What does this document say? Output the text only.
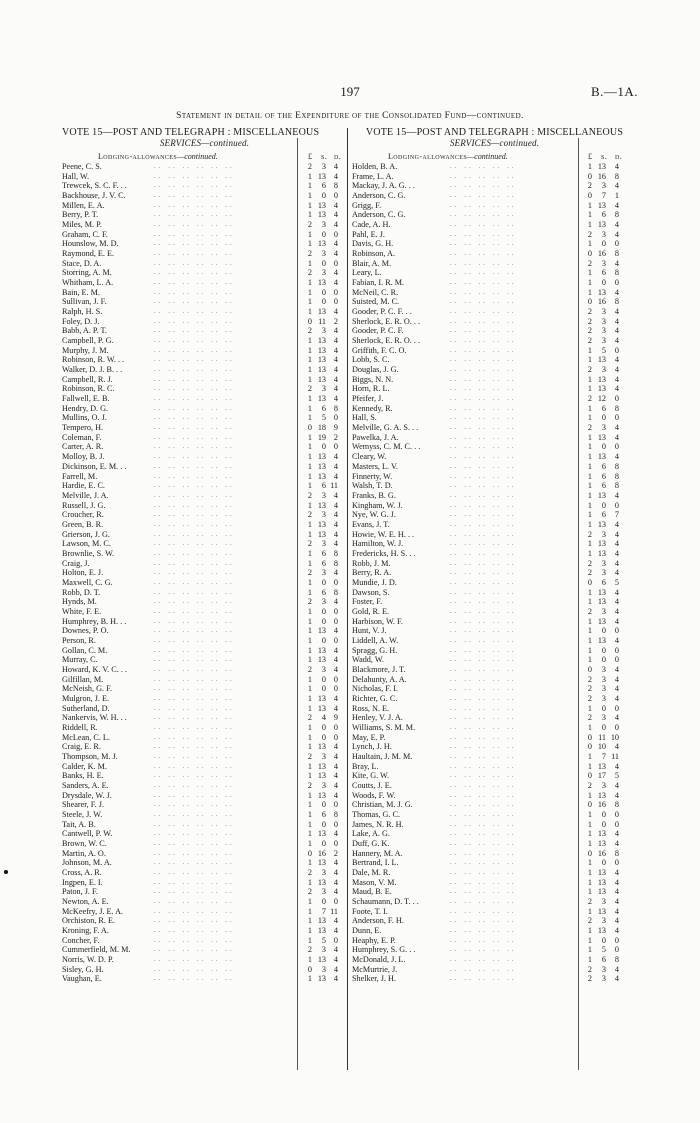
197	B.—1A.
Statement in detail of the Expenditure of the Consolidated Fund—continued.
VOTE 15—POST AND TELEGRAPH : MISCELLANEOUS
SERVICES—continued.
Lodging-allowances—continued.	£ s. d.
Peene, C. S.	.. .. .. .. .. ..	2	3 4
Hall, W.	.. .. .. .. .. ..	1 13 4
Trewcek, S. C. F. . .	.. .. .. .. .. ..	1	6 8
Backhouse, J. V. C.	.. .. .. .. .. ..	1	0 0
Millen, E. A.	.. .. .. .. .. ..	1 13 4
Berry, P. T.	.. .. .. .. .. ..	1 13 4
Miles, M. P.	.. .. .. .. .. ..	2	3 4
Graham, C. F.	.. .. .. .. .. ..	1	0 0
Hounslow, M. D.	.. .. .. .. .. ..	1 13 4
Raymond, E. E.	.. .. .. .. .. ..	2	3 4
Stace, D. A.	.. .. .. .. .. ..	1	0 0
Storring, A. M.	.. .. .. .. .. ..	2	3 4
Whitham, L. A.	.. .. .. .. .. ..	1 13 4
Bain, E. M.	.. .. .. .. .. ..	1	0 0
Sullivan, J. F.	.. .. .. .. .. ..	1	0 0
Ralph, H. S.	.. .. .. .. .. ..	1 13 4
Foley, D. J.	.. .. .. .. .. ..	0 11 2
Babb, A. P. T.	.. .. .. .. .. ..	2	3 4
Campbell, P. G.	.. .. .. .. .. ..	1 13 4
Murphy, J. M.	.. .. .. .. .. ..	1 13 4
Robinson, R. W. . .	.. .. .. .. .. ..	1 13 4
Walker, D. J. B. . .	.. .. .. .. .. ..	1 13 4
Campbell, R. J.	.. .. .. .. .. ..	1 13 4
Robinson, R. C.	.. .. .. .. .. ..	2	3 4
Fallwell, E. B.	.. .. .. .. .. ..	1 13 4
Hendry, D. G.	.. .. .. .. .. ..	1	6 8
Mullins, O. J.	.. .. .. .. .. ..	1	5 0
Tempero, H.	.. .. .. .. .. ..	0 18 9
Coleman, F.	.. .. .. .. .. ..	1 19 2
Carter, A. R.	.. .. .. .. .. ..	1	0 0
Molloy, B. J.	.. .. .. .. .. ..	1 13 4
Dickinson, E. M. . .	.. .. .. .. .. ..	1 13 4
Farrell, M.	.. .. .. .. .. ..	1 13 4
Hardie, E. C.	.. .. .. .. .. ..	1	6 11
Melville, J. A.	.. .. .. .. .. ..	2	3 4
Russell, J. G.	.. .. .. .. .. ..	1 13 4
Croucher, R.	.. .. .. .. .. ..	2	3 4
Green, B. R.	.. .. .. .. .. ..	1 13 4
Grierson, J. G.	.. .. .. .. .. ..	1 13 4
Lawson, M. C.	.. .. .. .. .. ..	2	3 4
Brownlie, S. W.	.. .. .. .. .. ..	1	6 8
Craig, J.	.. .. .. .. .. ..	1	6 8
Holton, E. J.	.. .. .. .. .. ..	2	3 4
Maxwell, C. G.	.. .. .. .. .. ..	1	0 0
Robb, D. T.	.. .. .. .. .. ..	1	6 8
Hynds, M.	.. .. .. .. .. ..	2	3 4
White, F. E.	.. .. .. .. .. ..	1	0 0
Humphrey, B. H. . .	.. .. .. .. .. ..	1	0 0
Downes, P. O.	.. .. .. .. .. ..	1 13 4
Person, R.	.. .. .. .. .. ..	1	0 0
Gollan, C. M.	.. .. .. .. .. ..	1 13 4
Murray, C.	.. .. .. .. .. ..	1 13 4
Howard, K. V. C. . .	.. .. .. .. .. ..	2	3 4
Gilfillan, M.	.. .. .. .. .. ..	1	0 0
McNeish, G. F.	.. .. .. .. .. ..	1	0 0
Mulgron, J. E.	.. .. .. .. .. ..	1 13 4
Sutherland, D.	.. .. .. .. .. ..	1 13 4
Nankervis, W. H. . .	.. .. .. .. .. ..	2	4 9
Riddell, R.	.. .. .. .. .. ..	1	0 0
McLean, C. L.	.. .. .. .. .. ..	1	0 0
Craig, E. R.	.. .. .. .. .. ..	1 13 4
Thompson, M. J.	.. .. .. .. .. ..	2	3 4
Calder, K. M.	.. .. .. .. .. ..	1 13 4
Banks, H. E.	.. .. .. .. .. ..	1 13 4
Sanders, A. E.	.. .. .. .. .. ..	2	3 4
Drysdale, W. J.	.. .. .. .. .. ..	1 13 4
Shearer, F. J.	.. .. .. .. .. ..	1	0 0
Steele, J. W.	.. .. .. .. .. ..	1	6 8
Tait, A. B.	.. .. .. .. .. ..	1	0 0
Cantwell, P. W.	.. .. .. .. .. ..	1 13 4
Brown, W. C.	.. .. .. .. .. ..	1	0 0
Martin, A. O.	.. .. .. .. .. ..	0 16 2
Johnson, M. A.	.. .. .. .. .. ..	1 13 4
Cross, A. R.	.. .. .. .. .. ..	2	3 4
Ingpen, E. I.	.. .. .. .. .. ..	1 13 4
Paton, J. F.	.. .. .. .. .. ..	2	3 4
Newton, A. E.	.. .. .. .. .. ..	1	0 0
McKeefry, J. E. A.	.. .. .. .. .. ..	1	7 11
Orchiston, R. E.	.. .. .. .. .. ..	1 13 4
Kroning, F. A.	.. .. .. .. .. ..	1 13 4
Concher, F.	.. .. .. .. .. ..	1	5 0
Cummerfield, M. M.	.. .. .. .. .. ..	2	3 4
Norris, W. D. P.	.. .. .. .. .. ..	1 13 4
Sisley, G. H.	.. .. .. .. .. ..	0	3 4
Vaughan, E.	.. .. .. .. .. ..	1 13 4
VOTE 15—POST AND TELEGRAPH : MISCELLANEOUS

SERVICES—continued.
Lodging-allowances—continued.	£ s. d.
Holden, B. A.	.. .. .. .. ..	1 13	4
Frame, L. A.	.. .. .. .. ..	0 16	8
Mackay, J. A. G. . .	.. .. .. .. ..	2	3	4
Anderson, C. G.	.. .. .. .. ..	0	7	1
Grigg, F.	.. .. .. .. ..	1 13	4
Anderson, C. G.	.. .. .. .. ..	1	6	8
Cade, A. H.	.. .. .. .. ..	1 13	4
Pahl, E. J.	.. .. .. .. ..	2	3	4
Davis, G. H.	.. .. .. .. ..	1	0	0
Robinson, A.	.. .. .. .. ..	0 16	8
Blair, A. M.	.. .. .. .. ..	2	3	4
Leary, L.	.. .. .. .. ..	1	6	8
Fabian, I. R. M.	.. .. .. .. ..	1	0	0
McNeil, C. R.	.. .. .. .. ..	1 13	4
Suisted, M. C.	.. .. .. .. ..	0 16	8
Gooder, P. C. F. . .	.. .. .. .. ..	2	3	4
Sherlock, E. R. O. . .	.. .. .. .. ..	2	3	4
Gooder, P. C. F.	.. .. .. .. ..	2	3	4
Sherlock, E. R. O. . .	.. .. .. .. ..	2	3	4
Griffith, F. C. O.	.. .. .. .. ..	1	5	0
Lobb, S. C.	.. .. .. .. ..	1 13	4
Douglas, J. G.	.. .. .. .. ..	2	3	4
Biggs, N. N.	.. .. .. .. ..	1 13	4
Horn, R. L.	.. .. .. .. ..	1 13	4
Pfeifer, J.	.. .. .. .. ..	2 12	0
Kennedy, R.	.. .. .. .. ..	1	6	8
Hall, S.	.. .. .. .. ..	1	0	0
Melville, G. A. S. . .	.. .. .. .. ..	2	3	4
Pawelka, J. A.	.. .. .. .. ..	1 13	4
Wemyss, C. M. C. . .	.. .. .. .. ..	1	0	0
Cleary, W.	.. .. .. .. ..	1 13	4
Masters, L. V.	.. .. .. .. ..	1	6	8
Finnerty, W.	.. .. .. .. ..	1	6	8
Walsh, T. D.	.. .. .. .. ..	1	6	8
Franks, B. G.	.. .. .. .. ..	1 13	4
Kingham, W. J.	.. .. .. .. ..	1	0	0
Nye, W. G. J.	.. .. .. .. ..	1	6	7
Evans, J. T.	.. .. .. .. ..	1 13	4
Howie, W. E. H. . .	.. .. .. .. ..	2	3	4
Hamilton, W. J.	.. .. .. .. ..	1 13	4
Fredericks, H. S. . .	.. .. .. .. ..	1 13	4
Robb, J. M.	.. .. .. .. ..	2	3	4
Berry, R. A.	.. .. .. .. ..	2	3	4
Mundie, J. D.	.. .. .. .. ..	0	6	5
Dawson, S.	.. .. .. .. ..	1 13	4
Foster, F.	.. .. .. .. ..	1 13	4
Gold, R. E.	.. .. .. .. ..	2	3	4
Harbison, W. F.	.. .. .. .. ..	1 13	4
Hunt, V. J.	.. .. .. .. ..	1	0	0
Liddell, A. W.	.. .. .. .. ..	1 13	4
Spragg, G. H.	.. .. .. .. ..	1	0	0
Wadd, W.	.. .. .. .. ..	1	0	0
Blackmore, J. T.	.. .. .. .. ..	0	3	4
Delahunty, A. A.	.. .. .. .. ..	2	3	4
Nicholas, F. I.	.. .. .. .. ..	2	3	4
Richter, G. C.	.. .. .. .. ..	2	3	4
Ross, N. E.	.. .. .. .. ..	1	0	0
Henley, V. J. A.	.. .. .. .. ..	2	3	4
Williams, S. M. M.	.. .. .. .. ..	1	0	0
May, E. P.	.. .. .. .. ..	0 11 10
Lynch, J. H.	.. .. .. .. ..	0 10	4
Haultain, J. M. M.	.. .. .. .. ..	1	7 11
Bray, L.	.. .. .. .. ..	1 13	4
Kite, G. W.	.. .. .. .. ..	0 17	5
Coutts, J. E.	.. .. .. .. ..	2	3	4
Woods, F. W.	.. .. .. .. ..	1 13	4
Christian, M. J. G.	.. .. .. .. ..	0 16	8
Thomas, G. C.	.. .. .. .. ..	1	0	0
James, N. R. H.	.. .. .. .. ..	1	0	0
Lake, A. G.	.. .. .. .. ..	1 13	4
Duff, G. K.	.. .. .. .. ..	1 13	4
Hannery, M. A.	.. .. .. .. ..	0 16	8
Bertrand, I. L.	.. .. .. .. ..	1	0	0
Dale, M. R.	.. .. .. .. ..	1 13	4
Mason, V. M.	.. .. .. .. ..	1 13	4
Maud, B. E.	.. .. .. .. ..	1 13	4
Schaumann, D. T. . .	.. .. .. .. ..	2	3	4
Foote, T. I.	.. .. .. .. ..	1 13	4
Anderson, F. H.	.. .. .. .. ..	2	3	4
Dunn, E.	.. .. .. .. ..	1 13	4
Heaphy, E. P.	.. .. .. .. ..	1	0	0
Humphrey, S. G. . .	.. .. .. .. ..	1	5	0
McDonald, J. L.	.. .. .. .. ..	1	6	8
McMurtrie, J.	.. .. .. .. ..	2	3	4
Shelker, J. H.	.. .. .. .. ..	2	3	4
